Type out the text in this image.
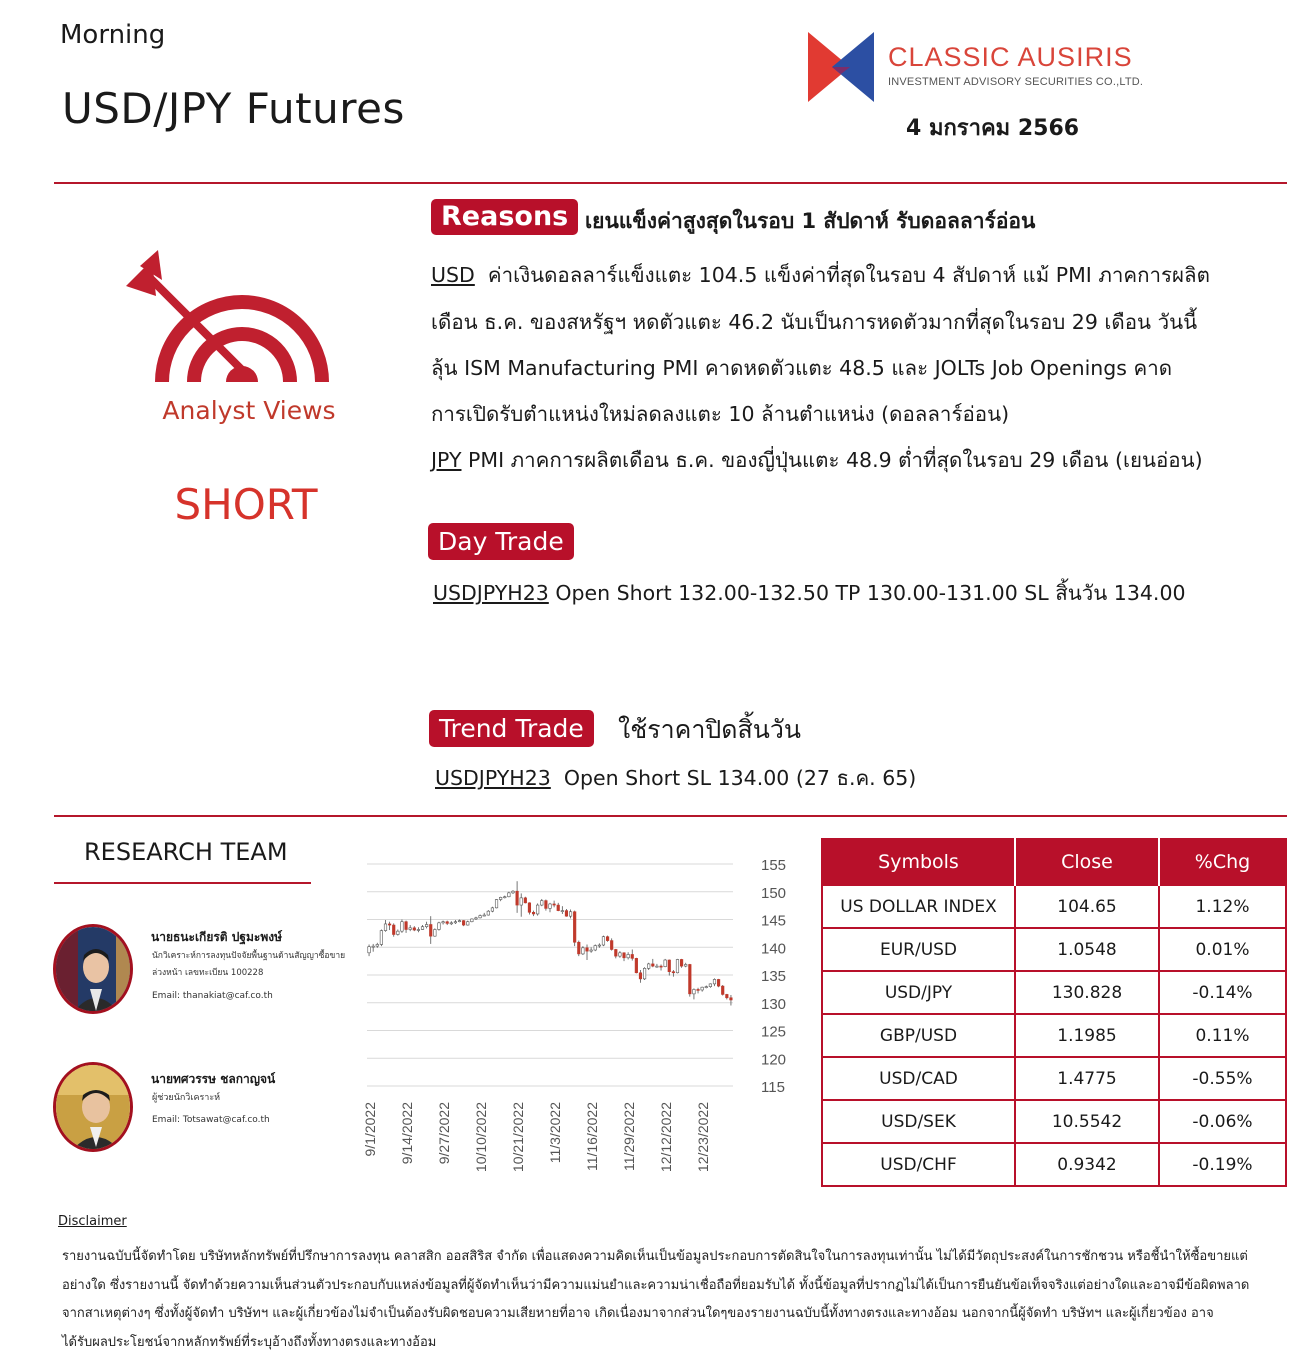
Morning
USD/JPY Futures
CLASSIC AUSIRIS
INVESTMENT ADVISORY SECURITIES CO.,LTD.
4 มกราคม 2566
Analyst Views
SHORT
Reasons เยนแข็งค่าสูงสุดในรอบ 1 สัปดาห์ รับดอลลาร์อ่อน
USD ค่าเงินดอลลาร์แข็งแตะ 104.5 แข็งค่าที่สุดในรอบ 4 สัปดาห์ แม้ PMI ภาคการผลิต
เดือน ธ.ค. ของสหรัฐฯ หดตัวแตะ 46.2 นับเป็นการหดตัวมากที่สุดในรอบ 29 เดือน วันนี้
ลุ้น ISM Manufacturing PMI คาดหดตัวแตะ 48.5 และ JOLTs Job Openings คาด
การเปิดรับตำแหน่งใหม่ลดลงแตะ 10 ล้านตำแหน่ง (ดอลลาร์อ่อน)
JPY PMI ภาคการผลิตเดือน ธ.ค. ของญี่ปุ่นแตะ 48.9 ต่ำที่สุดในรอบ 29 เดือน (เยนอ่อน)
Day Trade
USDJPYH23 Open Short 132.00-132.50 TP 130.00-131.00 SL สิ้นวัน 134.00
Trend Trade	ใช้ราคาปิดสิ้นวัน
USDJPYH23 Open Short SL 134.00 (27 ธ.ค. 65)
RESEARCH TEAM
นายธนะเกียรติ ปฐมะพงษ์
นักวิเคราะห์การลงทุนปัจจัยพื้นฐานด้านสัญญาซื้อขายล่วงหน้า เลขทะเบียน 100228
Email: thanakiat@caf.co.th
นายทศวรรษ ชลกาญจน์
ผู้ช่วยนักวิเคราะห์
Email: Totsawat@caf.co.th
155
150
145
140
135
130
125
120
115
9/1/2022 9/14/2022 9/27/2022 10/10/2022 10/21/2022 11/3/2022 11/16/2022 11/29/2022 12/12/2022 12/23/2022
Symbols	Close	%Chg
US DOLLAR INDEX	104.65	1.12%
EUR/USD	1.0548	0.01%
USD/JPY	130.828	-0.14%
GBP/USD	1.1985	0.11%
USD/CAD	1.4775	-0.55%
USD/SEK	10.5542	-0.06%
USD/CHF	0.9342	-0.19%
Disclaimer
รายงานฉบับนี้จัดทำโดย บริษัทหลักทรัพย์ที่ปรึกษาการลงทุน คลาสสิก ออสสิริส จำกัด เพื่อแสดงความคิดเห็นเป็นข้อมูลประกอบการตัดสินใจในการลงทุนเท่านั้น ไม่ได้มีวัตถุประสงค์ในการชักชวน หรือชี้นำให้ซื้อขายแต่
อย่างใด ซึ่งรายงานนี้ จัดทำด้วยความเห็นส่วนตัวประกอบกับแหล่งข้อมูลที่ผู้จัดทำเห็นว่ามีความแม่นยำและความน่าเชื่อถือที่ยอมรับได้ ทั้งนี้ข้อมูลที่ปรากฏไม่ได้เป็นการยืนยันข้อเท็จจริงแต่อย่างใดและอาจมีข้อผิดพลาด
จากสาเหตุต่างๆ ซึ่งทั้งผู้จัดทำ บริษัทฯ และผู้เกี่ยวข้องไม่จำเป็นต้องรับผิดชอบความเสียหายที่อาจ เกิดเนื่องมาจากส่วนใดๆของรายงานฉบับนี้ทั้งทางตรงและทางอ้อม นอกจากนี้ผู้จัดทำ บริษัทฯ และผู้เกี่ยวข้อง อาจ
ได้รับผลประโยชน์จากหลักทรัพย์ที่ระบุอ้างถึงทั้งทางตรงและทางอ้อม
